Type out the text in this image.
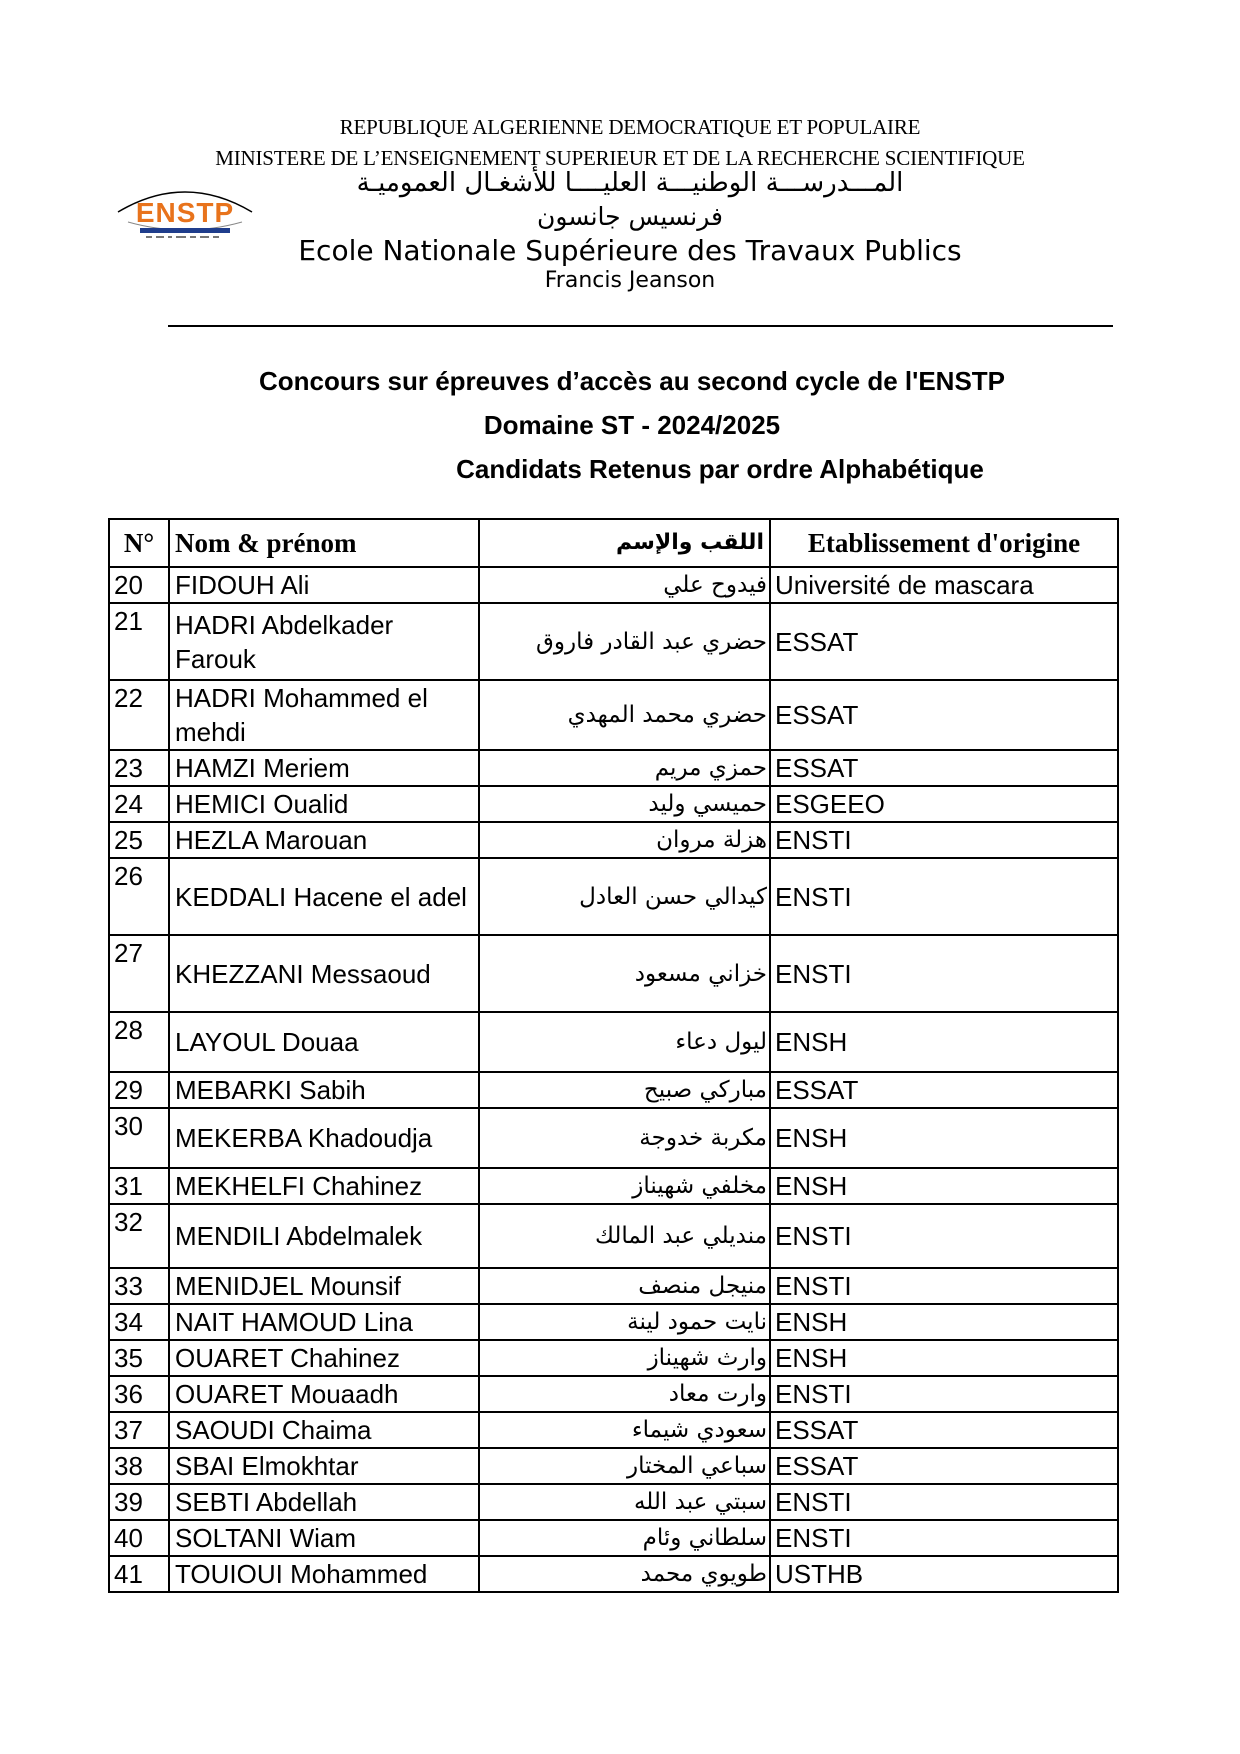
REPUBLIQUE ALGERIENNE DEMOCRATIQUE ET POPULAIRE
MINISTERE DE L’ENSEIGNEMENT SUPERIEUR ET DE LA RECHERCHE SCIENTIFIQUE
المـــدرســـة الوطنيـــة العليــــا للأشغـال العموميـة
فرنسيس جانسون
Ecole Nationale Supérieure des Travaux Publics
Francis Jeanson
ENSTP
Concours sur épreuves d’accès au second cycle de l'ENSTP
Domaine ST - 2024/2025
Candidats Retenus par ordre Alphabétique
N°	Nom & prénom	اللقب والإسم	Etablissement d'origine
20	FIDOUH Ali	فيدوح علي	Université de mascara
21	HADRI Abdelkader Farouk	حضري عبد القادر فاروق	ESSAT
22	HADRI Mohammed el mehdi	حضري محمد المهدي	ESSAT
23	HAMZI Meriem	حمزي مريم	ESSAT
24	HEMICI Oualid	حميسي وليد	ESGEEO
25	HEZLA Marouan	هزلة مروان	ENSTI
26	KEDDALI Hacene el adel	كيدالي حسن العادل	ENSTI
27	KHEZZANI Messaoud	خزاني مسعود	ENSTI
28	LAYOUL Douaa	ليول دعاء	ENSH
29	MEBARKI Sabih	مباركي صبيح	ESSAT
30	MEKERBA Khadoudja	مكربة خدوجة	ENSH
31	MEKHELFI Chahinez	مخلفي شهيناز	ENSH
32	MENDILI Abdelmalek	منديلي عبد المالك	ENSTI
33	MENIDJEL Mounsif	منيجل منصف	ENSTI
34	NAIT HAMOUD Lina	نايت حمود لينة	ENSH
35	OUARET Chahinez	وارث شهيناز	ENSH
36	OUARET Mouaadh	وارت معاد	ENSTI
37	SAOUDI Chaima	سعودي شيماء	ESSAT
38	SBAI Elmokhtar	سباعي المختار	ESSAT
39	SEBTI Abdellah	سبتي عبد الله	ENSTI
40	SOLTANI Wiam	سلطاني وئام	ENSTI
41	TOUIOUI Mohammed	طويوي محمد	USTHB
